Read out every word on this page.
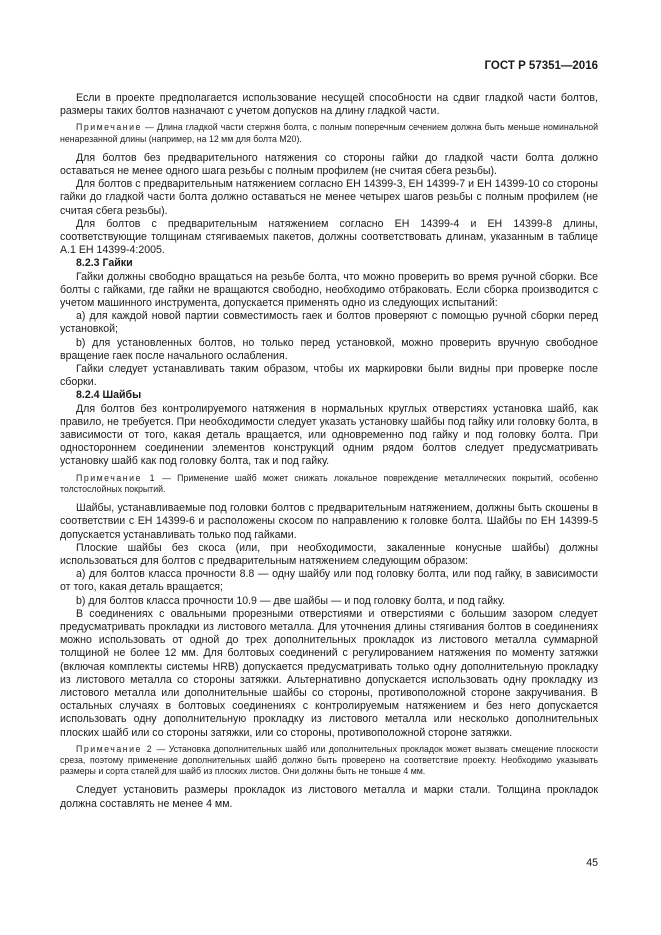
ГОСТ Р 57351—2016

Если в проекте предполагается использование несущей способности на сдвиг гладкой части болтов, размеры таких болтов назначают с учетом допусков на длину гладкой части.

Примечание — Длина гладкой части стержня болта, с полным поперечным сечением должна быть меньше номинальной ненарезанной длины (например, на 12 мм для болта М20).

Для болтов без предварительного натяжения со стороны гайки до гладкой части болта должно оставаться не менее одного шага резьбы с полным профилем (не считая сбега резьбы).

Для болтов с предварительным натяжением согласно ЕН 14399-3, ЕН 14399-7 и ЕН 14399-10 со стороны гайки до гладкой части болта должно оставаться не менее четырех шагов резьбы с полным профилем (не считая сбега резьбы).

Для болтов с предварительным натяжением согласно ЕН 14399-4 и ЕН 14399-8 длины, соответствующие толщинам стягиваемых пакетов, должны соответствовать длинам, указанным в таблице А.1 ЕН 14399-4:2005.

8.2.3 Гайки

Гайки должны свободно вращаться на резьбе болта, что можно проверить во время ручной сборки. Все болты с гайками, где гайки не вращаются свободно, необходимо отбраковать. Если сборка производится с учетом машинного инструмента, допускается применять одно из следующих испытаний:

а) для каждой новой партии совместимость гаек и болтов проверяют с помощью ручной сборки перед установкой;

b) для установленных болтов, но только перед установкой, можно проверить вручную свободное вращение гаек после начального ослабления.

Гайки следует устанавливать таким образом, чтобы их маркировки были видны при проверке после сборки.

8.2.4 Шайбы

Для болтов без контролируемого натяжения в нормальных круглых отверстиях установка шайб, как правило, не требуется. При необходимости следует указать установку шайбы под гайку или головку болта, в зависимости от того, какая деталь вращается, или одновременно под гайку и под головку болта. При одностороннем соединении элементов конструкций одним рядом болтов следует предусматривать установку шайб как под головку болта, так и под гайку.

Примечание 1 — Применение шайб может снижать локальное повреждение металлических покрытий, особенно толстослойных покрытий.

Шайбы, устанавливаемые под головки болтов с предварительным натяжением, должны быть скошены в соответствии с ЕН 14399-6 и расположены скосом по направлению к головке болта. Шайбы по ЕН 14399-5 допускается устанавливать только под гайками.

Плоские шайбы без скоса (или, при необходимости, закаленные конусные шайбы) должны использоваться для болтов с предварительным натяжением следующим образом:

а) для болтов класса прочности 8.8 — одну шайбу или под головку болта, или под гайку, в зависимости от того, какая деталь вращается;

b) для болтов класса прочности 10.9 — две шайбы — и под головку болта, и под гайку.

В соединениях с овальными прорезными отверстиями и отверстиями с большим зазором следует предусматривать прокладки из листового металла. Для уточнения длины стягивания болтов в соединениях можно использовать от одной до трех дополнительных прокладок из листового металла суммарной толщиной не более 12 мм. Для болтовых соединений с регулированием натяжения по моменту затяжки (включая комплекты системы HRB) допускается предусматривать только одну дополнительную прокладку из листового металла со стороны затяжки. Альтернативно допускается использовать одну прокладку из листового металла или дополнительные шайбы со стороны, противоположной стороне закручивания. В остальных случаях в болтовых соединениях с контролируемым натяжением и без него допускается использовать одну дополнительную прокладку из листового металла или несколько дополнительных плоских шайб или со стороны затяжки, или со стороны, противоположной стороне затяжки.

Примечание 2 — Установка дополнительных шайб или дополнительных прокладок может вызвать смещение плоскости среза, поэтому применение дополнительных шайб должно быть проверено на соответствие проекту. Необходимо указывать размеры и сорта сталей для шайб из плоских листов. Они должны быть не тоньше 4 мм.

Следует установить размеры прокладок из листового металла и марки стали. Толщина прокладок должна составлять не менее 4 мм.

45
